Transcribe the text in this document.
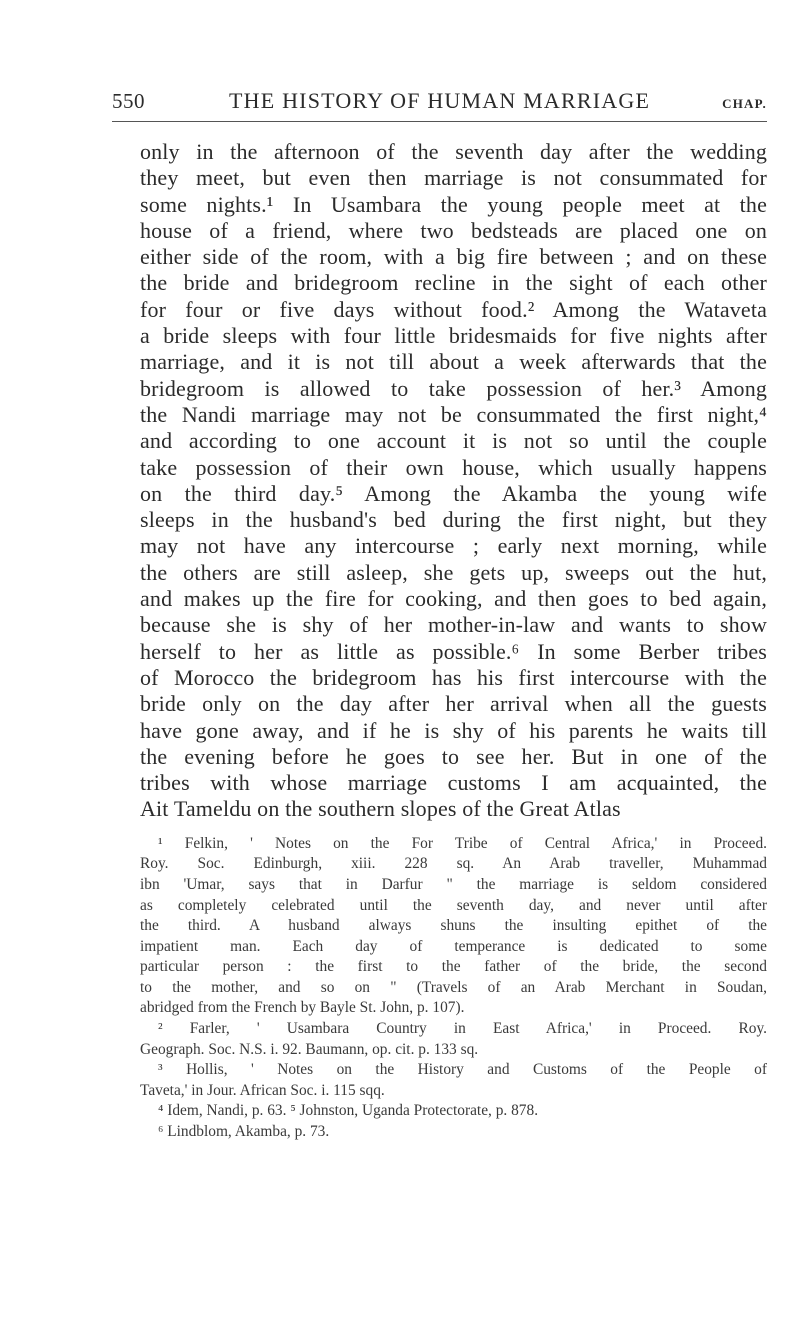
550	THE HISTORY OF HUMAN MARRIAGE	CHAP.
only in the afternoon of the seventh day after the wedding
they meet, but even then marriage is not consummated for
some nights.¹ In Usambara the young people meet at the
house of a friend, where two bedsteads are placed one on
either side of the room, with a big fire between ; and on these
the bride and bridegroom recline in the sight of each other
for four or five days without food.² Among the Wataveta
a bride sleeps with four little bridesmaids for five nights after
marriage, and it is not till about a week afterwards that the
bridegroom is allowed to take possession of her.³ Among
the Nandi marriage may not be consummated the first night,⁴
and according to one account it is not so until the couple
take possession of their own house, which usually happens
on the third day.⁵ Among the Akamba the young wife
sleeps in the husband's bed during the first night, but they
may not have any intercourse ; early next morning, while
the others are still asleep, she gets up, sweeps out the hut,
and makes up the fire for cooking, and then goes to bed again,
because she is shy of her mother-in-law and wants to show
herself to her as little as possible.⁶ In some Berber tribes
of Morocco the bridegroom has his first intercourse with the
bride only on the day after her arrival when all the guests
have gone away, and if he is shy of his parents he waits till
the evening before he goes to see her. But in one of the
tribes with whose marriage customs I am acquainted, the
Ait Tameldu on the southern slopes of the Great Atlas
¹ Felkin, ' Notes on the For Tribe of Central Africa,' in Proceed.
Roy. Soc. Edinburgh, xiii. 228 sq. An Arab traveller, Muhammad
ibn 'Umar, says that in Darfur " the marriage is seldom considered
as completely celebrated until the seventh day, and never until after
the third. A husband always shuns the insulting epithet of the
impatient man. Each day of temperance is dedicated to some
particular person : the first to the father of the bride, the second
to the mother, and so on " (Travels of an Arab Merchant in Soudan,
abridged from the French by Bayle St. John, p. 107).
² Farler, ' Usambara Country in East Africa,' in Proceed. Roy.
Geograph. Soc. N.S. i. 92. Baumann, op. cit. p. 133 sq.
³ Hollis, ' Notes on the History and Customs of the People of
Taveta,' in Jour. African Soc. i. 115 sqq.
⁴ Idem, Nandi, p. 63. ⁵ Johnston, Uganda Protectorate, p. 878.
⁶ Lindblom, Akamba, p. 73.
